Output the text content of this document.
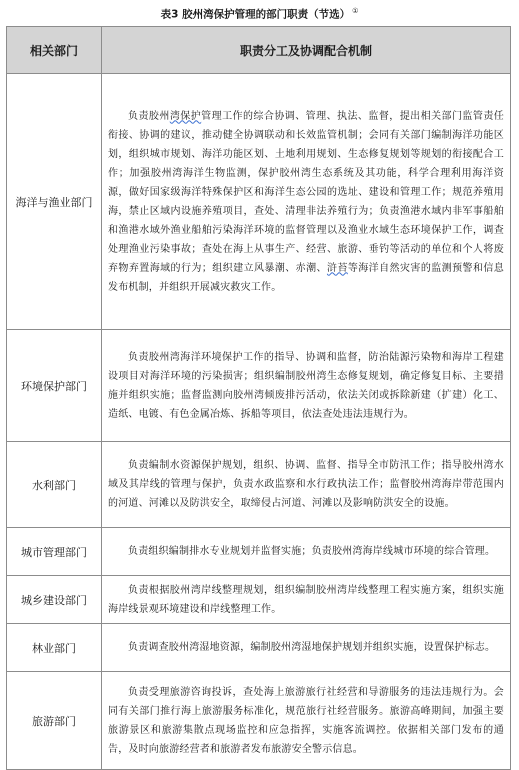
表3 胶州湾保护管理的部门职责（节选） ①
相关部门	职责分工及协调配合机制
海洋与渔业部门	负责胶州湾保护管理工作的综合协调、管理、执法、监督，提出相关部门监管责任衔接、协调的建议，推动健全协调联动和长效监管机制；会同有关部门编制海洋功能区划，组织城市规划、海洋功能区划、土地利用规划、生态修复规划等规划的衔接配合工作；加强胶州湾海洋生物监测，保护胶州湾生态系统及其功能，科学合理利用海洋资源，做好国家级海洋特殊保护区和海洋生态公园的选址、建设和管理工作；规范养殖用海，禁止区域内设施养殖项目，查处、清理非法养殖行为；负责渔港水域内非军事船舶和渔港水域外渔业船舶污染海洋环境的监督管理以及渔业水域生态环境保护工作，调查处理渔业污染事故；查处在海上从事生产、经营、旅游、垂钓等活动的单位和个人将废弃物弃置海域的行为；组织建立风暴潮、赤潮、浒苔等海洋自然灾害的监测预警和信息发布机制，并组织开展减灾救灾工作。
环境保护部门	负责胶州湾海洋环境保护工作的指导、协调和监督，防治陆源污染物和海岸工程建设项目对海洋环境的污染损害；组织编制胶州湾生态修复规划，确定修复目标、主要措施并组织实施；监督监测向胶州湾倾废排污活动，依法关闭或拆除新建（扩建）化工、造纸、电镀、有色金属冶炼、拆船等项目，依法查处违法违规行为。
水利部门	负责编制水资源保护规划，组织、协调、监督、指导全市防汛工作；指导胶州湾水域及其岸线的管理与保护，负责水政监察和水行政执法工作；监督胶州湾海岸带范围内的河道、河滩以及防洪安全，取缔侵占河道、河滩以及影响防洪安全的设施。
城市管理部门	负责组织编制排水专业规划并监督实施；负责胶州湾海岸线城市环境的综合管理。
城乡建设部门	负责根据胶州湾岸线整理规划，组织编制胶州湾岸线整理工程实施方案，组织实施海岸线景观环境建设和岸线整理工作。
林业部门	负责调查胶州湾湿地资源，编制胶州湾湿地保护规划并组织实施，设置保护标志。
旅游部门	负责受理旅游咨询投诉，查处海上旅游旅行社经营和导游服务的违法违规行为。会同有关部门推行海上旅游服务标准化，规范旅行社经营服务。旅游高峰期间，加强主要旅游景区和旅游集散点现场监控和应急指挥，实施客流调控。依据相关部门发布的通告，及时向旅游经营者和旅游者发布旅游安全警示信息。
